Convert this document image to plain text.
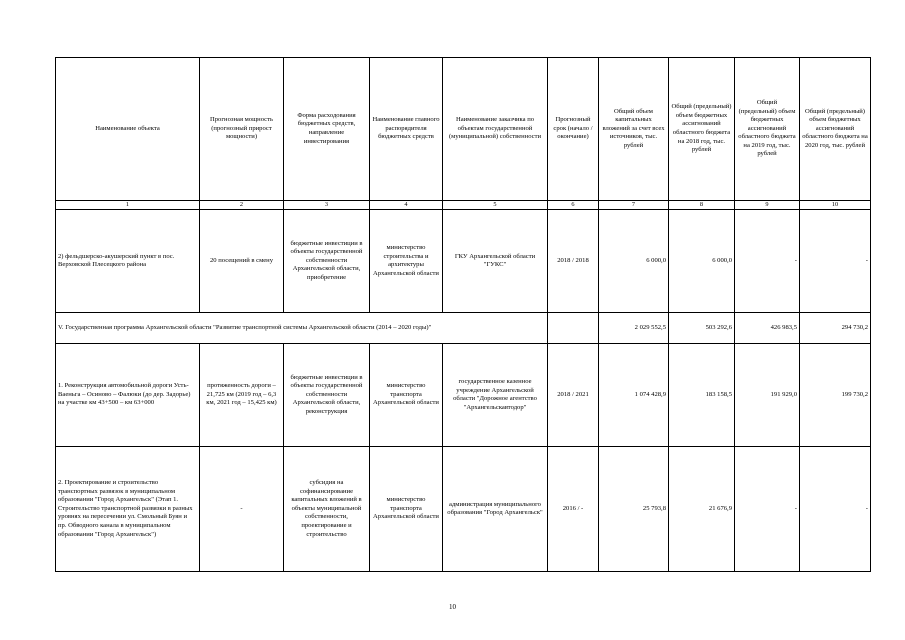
Наименование объекта	Прогнозная мощность (прогнозный прирост мощности)	Форма расходования бюджетных средств, направление инвестирования	Наименование главного распорядителя бюджетных средств	Наименование заказчика по объектам государственной (муниципальной) собственности	Прогнозный срок (начало / окончание)	Общий объем капитальных вложений за счет всех источников, тыс. рублей	Общий (предельный) объем бюджетных ассигнований областного бюджета на 2018 год, тыс. рублей	Общий (предельный) объем бюджетных ассигнований областного бюджета на 2019 год, тыс. рублей	Общий (предельный) объем бюджетных ассигнований областного бюджета на 2020 год, тыс. рублей
1	2	3	4	5	6	7	8	9	10
2) фельдшерско-акушерский пункт в пос. Верховской Плесецкого района	20 посещений в смену	бюджетные инвестиции в объекты государственной собственности Архангельской области, приобретение	министерство строительства и архитектуры Архангельской области	ГКУ Архангельской области "ГУКС"	2018 / 2018	6 000,0	6 000,0	-	-
V. Государственная программа Архангельской области "Развитие транспортной системы Архангельской области (2014 – 2020 годы)"						2 029 552,5	503 292,6	426 983,5	294 730,2
1. Реконструкция автомобильной дороги Усть-Ваеньга – Осиново – Фалюки (до дер. Задорье) на участке км 43+500 – км 63+000	протяженность дороги – 21,725 км (2019 год – 6,3 км, 2021 год – 15,425 км)	бюджетные инвестиции в объекты государственной собственности Архангельской области, реконструкция	министерство транспорта Архангельской области	государственное казенное учреждение Архангельской области "Дорожное агентство "Архангельскавтодор"	2018 / 2021	1 074 428,9	183 158,5	191 929,0	199 730,2
2. Проектирование и строительство транспортных развязок в муниципальном образовании "Город Архангельск" (Этап 1. Строительство транспортной развязки в разных уровнях на пересечении ул. Смольный Буян и пр. Обводного канала в муниципальном образовании "Город Архангельск")	-	субсидия на софинансирование капитальных вложений в объекты муниципальной собственности, проектирование и строительство	министерство транспорта Архангельской области	администрация муниципального образования "Город Архангельск"	2016 / -	25 793,8	21 676,9	-	-
10
